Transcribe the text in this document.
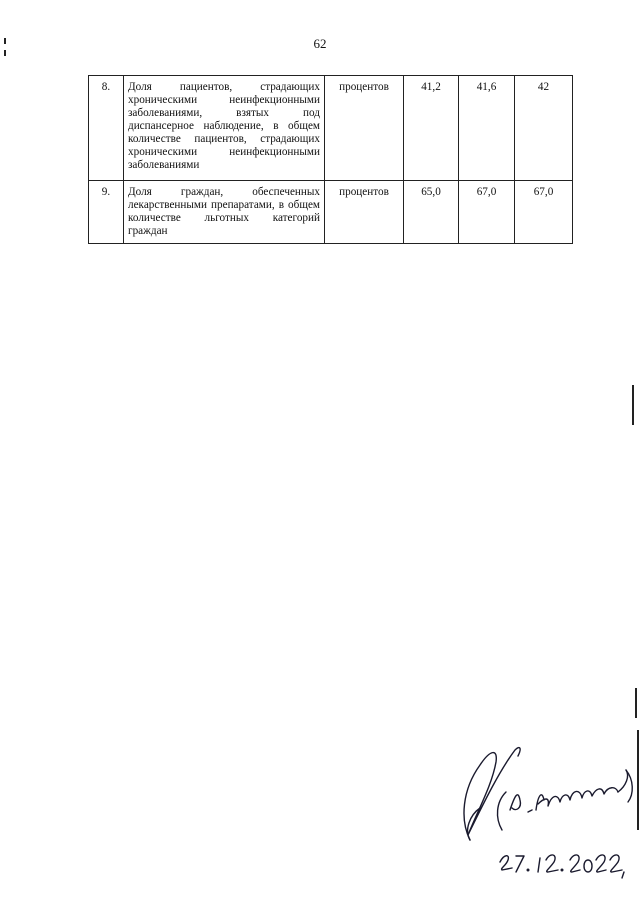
62
8.	Доля пациентов, страдающих хроническими неинфекционными заболеваниями, взятых под диспансерное наблюдение, в общем количестве пациентов, страдающих хроническими неинфекционными заболеваниями	процентов	41,2	41,6	42
9.	Доля граждан, обеспеченных лекарственными препаратами, в общем количестве льготных категорий граждан	процентов	65,0	67,0	67,0
